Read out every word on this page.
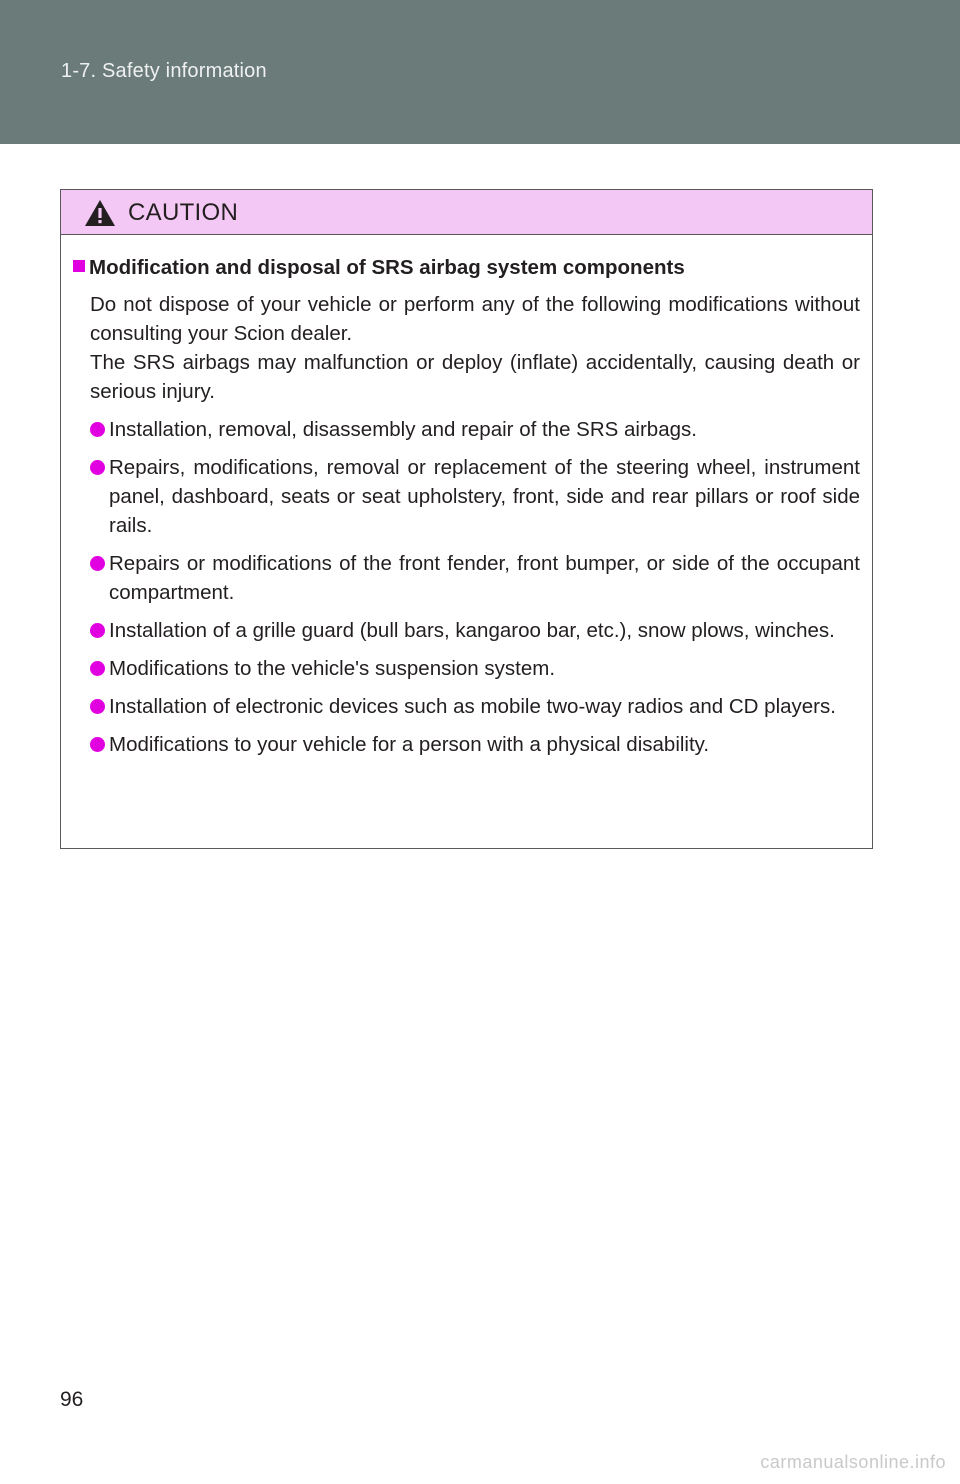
1-7. Safety information
CAUTION
Modification and disposal of SRS airbag system components

Do not dispose of your vehicle or perform any of the following modifications without consulting your Scion dealer.

The SRS airbags may malfunction or deploy (inflate) accidentally, causing death or serious injury.

Installation, removal, disassembly and repair of the SRS airbags.
Repairs, modifications, removal or replacement of the steering wheel, instrument panel, dashboard, seats or seat upholstery, front, side and rear pillars or roof side rails.
Repairs or modifications of the front fender, front bumper, or side of the occupant compartment.
Installation of a grille guard (bull bars, kangaroo bar, etc.), snow plows, winches.
Modifications to the vehicle's suspension system.
Installation of electronic devices such as mobile two-way radios and CD players.
Modifications to your vehicle for a person with a physical disability.
96
carmanualsonline.info
